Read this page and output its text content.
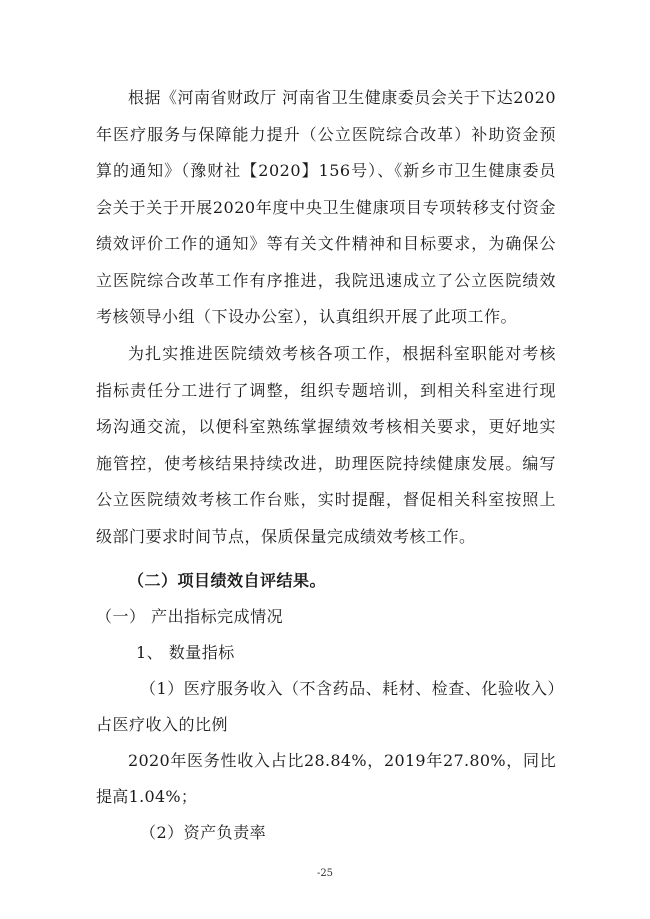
根据《河南省财政厅 河南省卫生健康委员会关于下达2020年医疗服务与保障能力提升（公立医院综合改革）补助资金预算的通知》（豫财社【2020】156号）、《新乡市卫生健康委员会关于关于开展2020年度中央卫生健康项目专项转移支付资金绩效评价工作的通知》等有关文件精神和目标要求，为确保公立医院综合改革工作有序推进，我院迅速成立了公立医院绩效考核领导小组（下设办公室），认真组织开展了此项工作。

为扎实推进医院绩效考核各项工作，根据科室职能对考核指标责任分工进行了调整，组织专题培训，到相关科室进行现场沟通交流，以便科室熟练掌握绩效考核相关要求，更好地实施管控，使考核结果持续改进，助理医院持续健康发展。编写公立医院绩效考核工作台账，实时提醒，督促相关科室按照上级部门要求时间节点，保质保量完成绩效考核工作。

（二）项目绩效自评结果。

（一） 产出指标完成情况

1、 数量指标

（1）医疗服务收入（不含药品、耗材、检查、化验收入）占医疗收入的比例

2020年医务性收入占比28.84%，2019年27.80%，同比提高1.04%；

（2）资产负责率

-25
